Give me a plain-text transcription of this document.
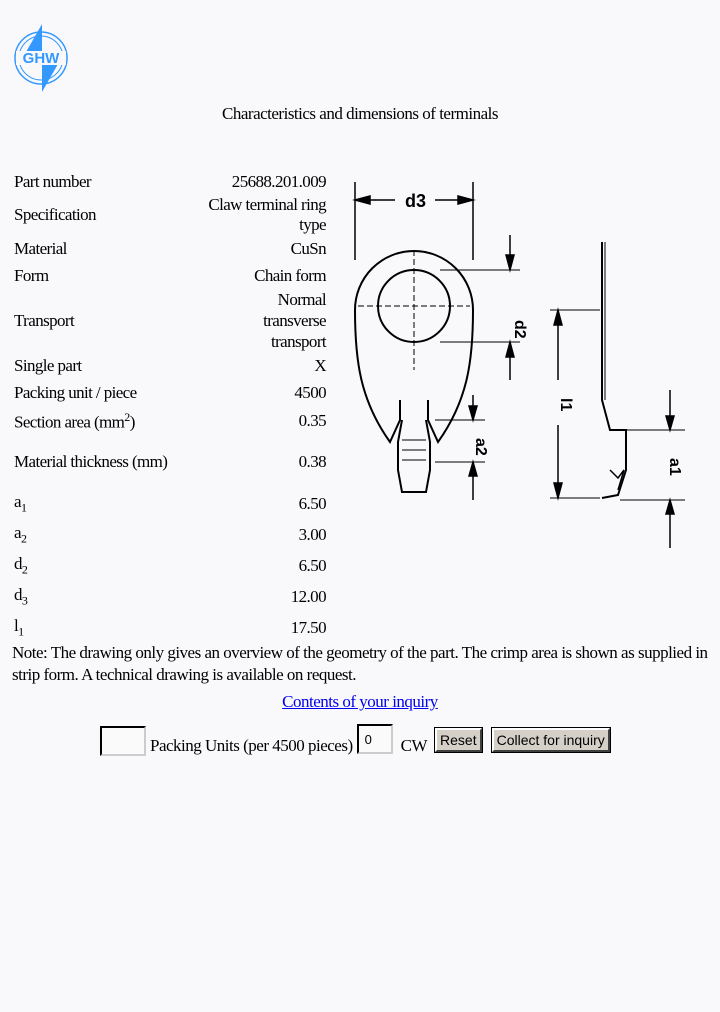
GHW
Characteristics and dimensions of terminals
Part number	25688.201.009
Specification	Claw terminal ring type
Material	CuSn
Form	Chain form
Transport	Normal transverse transport
Single part	X
Packing unit / piece	4500
Section area $(mm^2)$	0.35
Material thickness (mm)	0.38
$a_1$	6.50
$a_2$	3.00
$d_2$	6.50
$d_3$	12.00
$l_1$	17.50
d3
d2
a2
l1
a1
Note: The drawing only gives an overview of the geometry of the part. The crimp area is shown as supplied in strip form. A technical drawing is available on request.
Contents of your inquiry
Packing Units (per 4500 pieces)
0	CW Reset	Collect for inquiry
